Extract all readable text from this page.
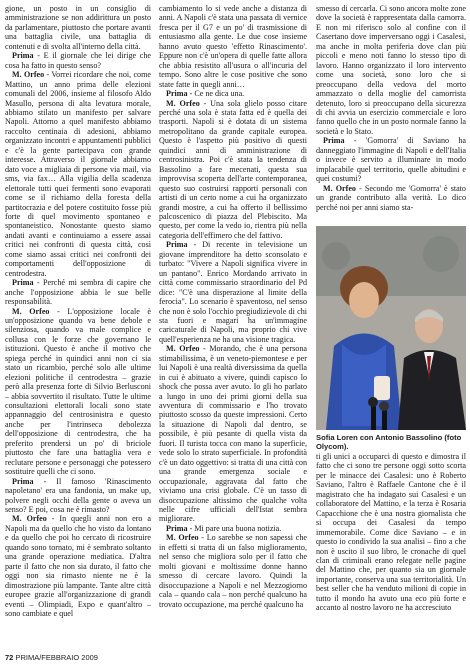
gione, un posto in un consiglio di amministrazione se non addirittura un posto da parlamentare, piuttosto che portare avanti una battaglia civile, una battaglia di contenuti e di svolta all'interno della città.

Prima - E il giornale che lei dirige che cosa ha fatto in questo senso?

M. Orfeo - Vorrei ricordare che noi, come Mattino, un anno prima delle elezioni comunali del 2006, insieme al filosofo Aldo Masullo, persona di alta levatura morale, abbiamo stilato un manifesto per salvare Napoli. Attorno a quel manifesto abbiamo raccolto centinaia di adesioni, abbiamo organizzato incontri e appuntamenti pubblici e c'è la gente partecipava con grande interesse. Attraverso il giornale abbiamo dato voce a migliaia di persone via mail, via sms, via fax… Alla vigilia della scadenza elettorale tutti quei fermenti sono evaporati come se il richiamo della foresta della partitocrazia e del potere costituito fosse più forte di quel movimento spontaneo e spontaneistico. Nonostante questo siamo andati avanti e continuiamo a essere assai critici nei confronti di questa città, così come siamo assai critici nei confronti dei comportamenti dell'opposizione di centrodestra.

Prima - Perché mi sembra di capire che anche l'opposizione abbia le sue belle responsabilità.

M. Orfeo - L'opposizione locale è un'opposizione quando va bene debole e silenziosa, quando va male complice e collusa con le forze che governano le istituzioni. Questo è anche il motivo che spiega perché in quindici anni non ci sia stato un ricambio, perché solo alle ultime elezioni politiche il centrodestra – grazie però alla presenza forte di Silvio Berlusconi – abbia sovvertito il risultato. Tutte le ultime consultazioni elettorali locali sono state appannaggio del centrosinistra e questo anche per l'intrinseca debolezza dell'opposizione di centrodestra, che ha preferito prendersi un po' di briciole piuttosto che fare una battaglia vera e reclutare persone e personaggi che potessero sostituire quelli che ci sono.

Prima - Il famoso 'Rinascimento napoletano' era una fandonia, un make up, polvere negli occhi della gente o aveva un senso? E poi, cosa ne è rimasto?

M. Orfeo - In quegli anni non ero a Napoli ma da quello che ho visto da lontano e da quello che poi ho cercato di ricostruire quando sono tornato, mi è sembrato soltanto una grande operazione mediatica. D'altra parte il fatto che non sia durato, il fatto che oggi non sia rimasto niente ne è la dimostrazione più lampante. Tante altre città europee grazie all'organizzazione di grandi eventi – Olimpiadi, Expo e quant'altro – sono cambiate e quel

cambiamento lo si vede anche a distanza di anni. A Napoli c'è stata una passata di vernice fresca per il G7 e un po' di trasmissione di entusiasmo alla gente. Le due cose insieme hanno avuto questo 'effetto Rinascimento'. Eppure non c'è un'opera di quelle fatte allora che abbia resistito all'usura o all'incuria del tempo. Sono altre le cose positive che sono state fatte in quegli anni…

Prima - Ce ne dica una.

M. Orfeo - Una sola glielo posso citare perché una sola è stata fatta ed è quella dei trasporti. Napoli si è dotata di un sistema metropolitano da grande capitale europea. Questo è l'aspetto più positivo di questi quindici anni di amministrazione di centrosinistra. Poi c'è stata la tendenza di Bassolino a fare mecenati, questa sua improvvisa scoperta dell'arte contemporanea, questo suo costruirsi rapporti personali con artisti di un certo nome a cui ha organizzato grandi mostre, a cui ha offerto il bellissimo palcoscenico di piazza del Plebiscito. Ma questo, per come la vedo io, rientra più nella categoria dell'effimero che del fattivo.

Prima - Di recente in televisione un giovane imprenditore ha detto sconsolato e turbato: "Vivere a Napoli significa vivere in un pantano". Enrico Mordando arrivato in città come commissario straordinario del Pd dice: "C'è una disperazione al limite della ferocia". Lo scenario è spaventoso, nel senso che non è solo l'occhio pregiudizievole di chi sta fuori e magari ha un'immagine caricaturale di Napoli, ma proprio chi vive quell'esperienza ne ha una visione tragica.

M. Orfeo - Morando, che è una persona stimabilissima, è un veneto-piemontese e per lui Napoli è una realtà diversissima da quella in cui è abituato a vivere, quindi capisco lo shock che possa aver avuto. Io gli ho parlato a lungo in uno dei primi giorni della sua avventura di commissario e l'ho trovato piuttosto scosso da queste impressioni. Certo la situazione di Napoli dal dentro, se possibile, è più pesante di quella vista da fuori. Il turista tocca con mano la superficie, vede solo lo strato superficiale. In profondità c'è un dato oggettivo: si tratta di una città con una grande emergenza sociale e occupazionale, aggravata dal fatto che viviamo una crisi globale. C'è un tasso di disoccupazione altissimo che qualche volta nelle cifre ufficiali dell'Istat sembra migliorare.

Prima - Mi pare una buona notizia.

M. Orfeo - Lo sarebbe se non sapessi che in effetti si tratta di un falso miglioramento, nel senso che migliora solo per il fatto che molti giovani e moltissime donne hanno smesso di cercare lavoro. Quindi la disoccupazione a Napoli e nel Mezzogiorno cala – quando cala – non perché qualcuno ha trovato occupazione, ma perché qualcuno ha

smesso di cercarla. Ci sono ancora molte zone dove la società è rappresentata dalla camorra. E non mi riferisco solo al confine con il Casertano dove imperversano oggi i Casalesi, ma anche in molta periferia dove clan più piccoli e meno noti fanno lo stesso tipo di lavoro. Hanno organizzato il loro intervento come una società, sono loro che si preoccupano della vedova del morto ammazzato o della moglie del camorrista detenuto, loro si preoccupano della sicurezza di chi avvia un esercizio commerciale e loro fanno quello che in un posto normale fanno la società e lo Stato.

Prima - 'Gomorra' di Saviano ha danneggiato l'immagine di Napoli e dell'Italia o invece è servito a illuminare in modo implacabile quel territorio, quelle abitudini e quei costumi?

M. Orfeo - Secondo me 'Gomorra' è stato un grande contributo alla verità. Lo dico perché noi per anni siamo sta-

Sofia Loren con Antonio Bassolino (foto Olycom).

ti gli unici a occuparci di questo e dimostra il fatto che ci sono tre persone oggi sotto scorta per le minacce dei Casalesi: uno è Roberto Saviano, l'altro è Raffaele Cantone che è il magistrato che ha indagato sui Casalesi e un collaboratore del Mattino, e la terza è Rosaria Capacchione che è una nostra giornalista che si occupa dei Casalesi da tempo immemorabile. Come dice Saviano – e in questo io condivido la sua analisi – fino a che non è uscito il suo libro, le cronache di quel clan di criminali erano relegate nelle pagine del Mattino che, per quanto sia un giornale importante, conserva una sua territorialità. Un best seller che ha venduto milioni di copie in tutto il mondo ha avuto una eco più forte e accanto al nostro lavoro ne ha accresciuto

72 PRIMA/FEBBRAIO 2009
